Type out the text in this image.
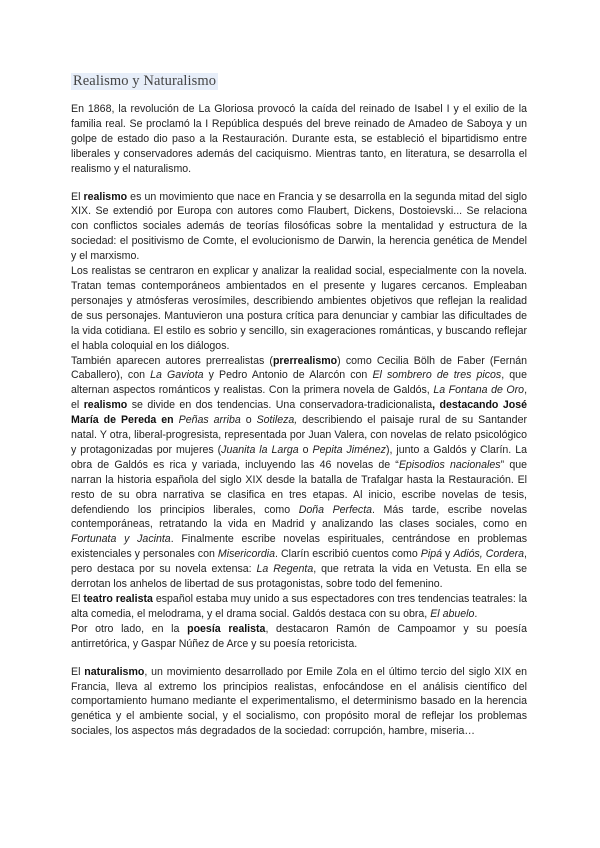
Realismo y Naturalismo

En 1868, la revolución de La Gloriosa provocó la caída del reinado de Isabel I y el exilio de la familia real. Se proclamó la I República después del breve reinado de Amadeo de Saboya y un golpe de estado dio paso a la Restauración. Durante esta, se estableció el bipartidismo entre liberales y conservadores además del caciquismo. Mientras tanto, en literatura, se desarrolla el realismo y el naturalismo.

El realismo es un movimiento que nace en Francia y se desarrolla en la segunda mitad del siglo XIX. Se extendió por Europa con autores como Flaubert, Dickens, Dostoievski... Se relaciona con conflictos sociales además de teorías filosóficas sobre la mentalidad y estructura de la sociedad: el positivismo de Comte, el evolucionismo de Darwin, la herencia genética de Mendel y el marxismo.

Los realistas se centraron en explicar y analizar la realidad social, especialmente con la novela. Tratan temas contemporáneos ambientados en el presente y lugares cercanos. Empleaban personajes y atmósferas verosímiles, describiendo ambientes objetivos que reflejan la realidad de sus personajes. Mantuvieron una postura crítica para denunciar y cambiar las dificultades de la vida cotidiana. El estilo es sobrio y sencillo, sin exageraciones románticas, y buscando reflejar el habla coloquial en los diálogos.

También aparecen autores prerrealistas (prerrealismo) como Cecilia Bölh de Faber (Fernán Caballero), con La Gaviota y Pedro Antonio de Alarcón con El sombrero de tres picos, que alternan aspectos románticos y realistas. Con la primera novela de Galdós, La Fontana de Oro, el realismo se divide en dos tendencias. Una conservadora-tradicionalista, destacando José María de Pereda en Peñas arriba o Sotileza, describiendo el paisaje rural de su Santander natal. Y otra, liberal-progresista, representada por Juan Valera, con novelas de relato psicológico y protagonizadas por mujeres (Juanita la Larga o Pepita Jiménez), junto a Galdós y Clarín. La obra de Galdós es rica y variada, incluyendo las 46 novelas de “Episodios nacionales” que narran la historia española del siglo XIX desde la batalla de Trafalgar hasta la Restauración. El resto de su obra narrativa se clasifica en tres etapas. Al inicio, escribe novelas de tesis, defendiendo los principios liberales, como Doña Perfecta. Más tarde, escribe novelas contemporáneas, retratando la vida en Madrid y analizando las clases sociales, como en Fortunata y Jacinta. Finalmente escribe novelas espirituales, centrándose en problemas existenciales y personales con Misericordia. Clarín escribió cuentos como Pipá y Adiós, Cordera, pero destaca por su novela extensa: La Regenta, que retrata la vida en Vetusta. En ella se derrotan los anhelos de libertad de sus protagonistas, sobre todo del femenino.

El teatro realista español estaba muy unido a sus espectadores con tres tendencias teatrales: la alta comedia, el melodrama, y el drama social. Galdós destaca con su obra, El abuelo.

Por otro lado, en la poesía realista, destacaron Ramón de Campoamor y su poesía antirretórica, y Gaspar Núñez de Arce y su poesía retoricista.

El naturalismo, un movimiento desarrollado por Emile Zola en el último tercio del siglo XIX en Francia, lleva al extremo los principios realistas, enfocándose en el análisis científico del comportamiento humano mediante el experimentalismo, el determinismo basado en la herencia genética y el ambiente social, y el socialismo, con propósito moral de reflejar los problemas sociales, los aspectos más degradados de la sociedad: corrupción, hambre, miseria…
